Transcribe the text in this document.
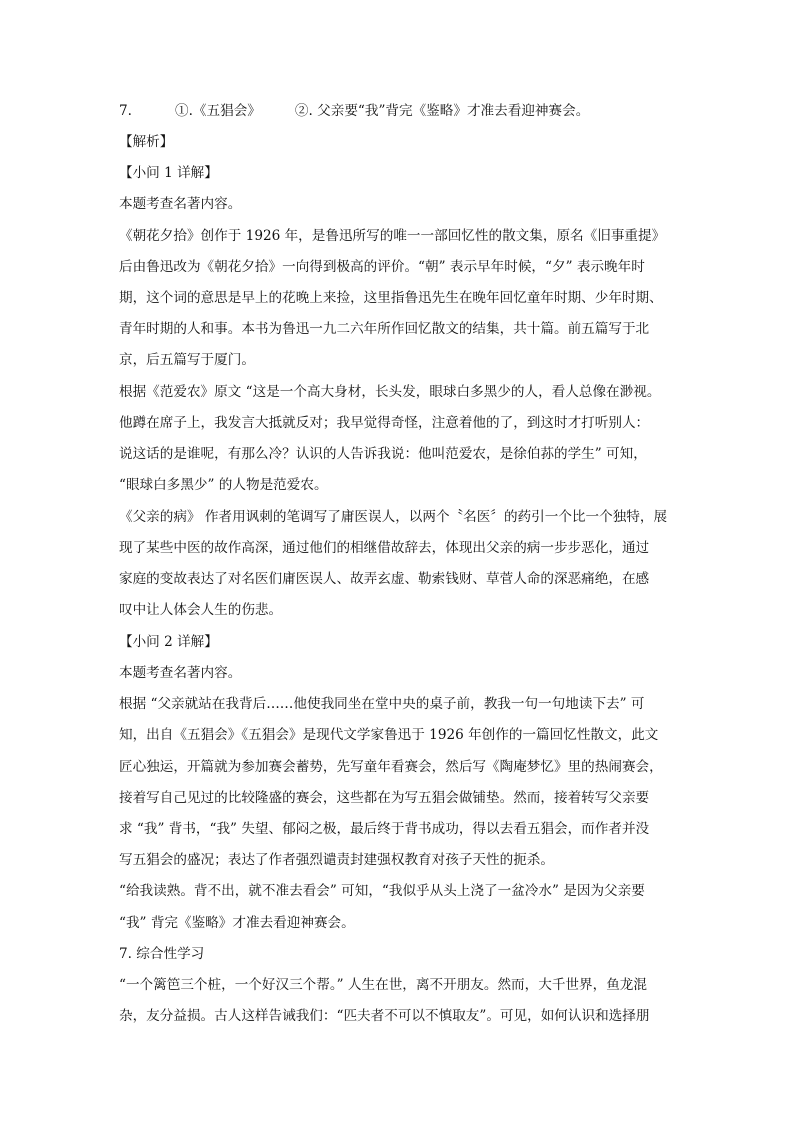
7.	①.《五猖会》	②. 父亲要“我”背完《鉴略》才准去看迎神赛会。
【解析】
【小问 1 详解】
本题考查名著内容。
《朝花夕拾》创作于 1926 年，是鲁迅所写的唯一一部回忆性的散文集，原名《旧事重提》
后由鲁迅改为《朝花夕拾》一向得到极高的评价。“朝” 表示早年时候，“夕” 表示晚年时
期，这个词的意思是早上的花晚上来捡，这里指鲁迅先生在晚年回忆童年时期、少年时期、
青年时期的人和事。本书为鲁迅一九二六年所作回忆散文的结集，共十篇。前五篇写于北
京，后五篇写于厦门。
根据《范爱农》原文 “这是一个高大身材，长头发，眼球白多黑少的人，看人总像在渺视。
他蹲在席子上，我发言大抵就反对；我早觉得奇怪，注意着他的了，到这时才打听别人：
说这话的是谁呢，有那么冷？认识的人告诉我说：他叫范爱农，是徐伯荪的学生” 可知，
“眼球白多黑少” 的人物是范爱农。
《父亲的病》 作者用讽刺的笔调写了庸医误人，以两个〝名医〞的药引一个比一个独特，展
现了某些中医的故作高深，通过他们的相继借故辞去，体现出父亲的病一步步恶化，通过
家庭的变故表达了对名医们庸医误人、故弄玄虚、勒索钱财、草菅人命的深恶痛绝，在感
叹中让人体会人生的伤悲。
【小问 2 详解】
本题考查名著内容。
根据 “父亲就站在我背后……他使我同坐在堂中央的桌子前，教我一句一句地读下去” 可
知，出自《五猖会》《五猖会》是现代文学家鲁迅于 1926 年创作的一篇回忆性散文，此文
匠心独运，开篇就为参加赛会蓄势，先写童年看赛会，然后写《陶庵梦忆》里的热闹赛会，
接着写自己见过的比较隆盛的赛会，这些都在为写五猖会做铺垫。然而，接着转写父亲要
求 “我” 背书，“我” 失望、郁闷之极，最后终于背书成功，得以去看五猖会，而作者并没
写五猖会的盛况；表达了作者强烈谴责封建强权教育对孩子天性的扼杀。
“给我读熟。背不出，就不准去看会” 可知，“我似乎从头上浇了一盆冷水” 是因为父亲要
“我” 背完《鉴略》才准去看迎神赛会。
7. 综合性学习
“一个篱笆三个桩，一个好汉三个帮。” 人生在世，离不开朋友。然而，大千世界，鱼龙混
杂，友分益损。古人这样告诫我们：“匹夫者不可以不慎取友”。可见，如何认识和选择朋
